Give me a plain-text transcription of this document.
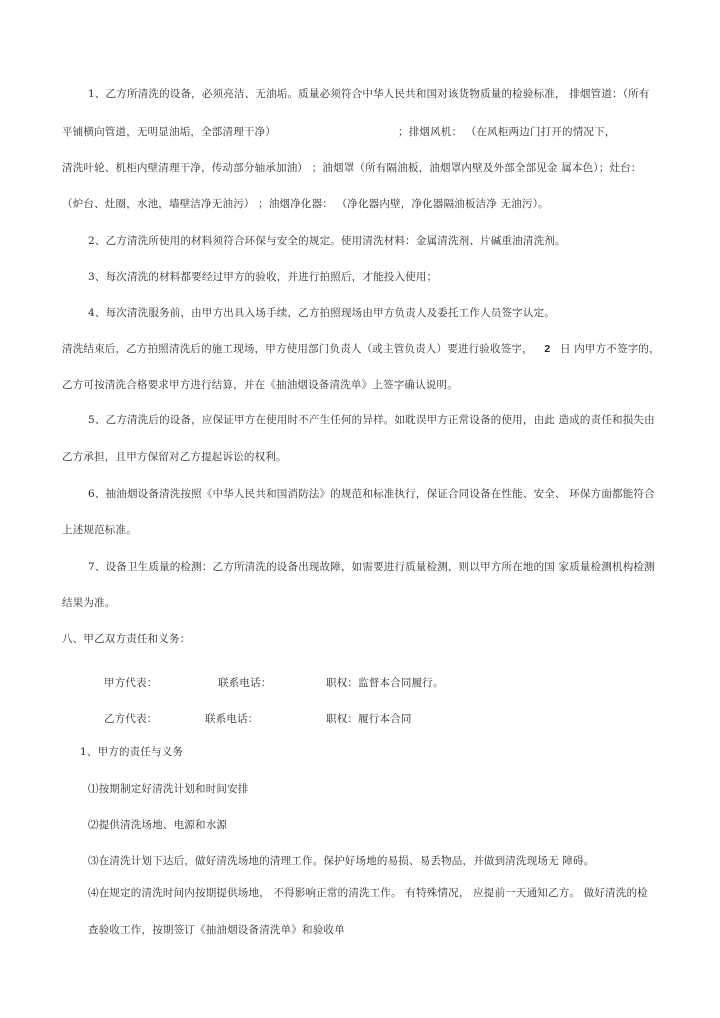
1、乙方所清洗的设备，必须亮洁、无油垢。质量必须符合中华人民共和国对该货物质量的检验标准， 排烟管道：（所有
平铺横向管道，无明显油垢，全部清理干净）	；排烟风机： （在风柜两边门打开的情况下，
清洗叶轮、机柜内壁清理干净，传动部分轴承加油） ；油烟罩（所有隔油板，油烟罩内壁及外部全部见金 属本色）；灶台：
（炉台、灶圈，水池，墙壁洁净无油污） ；油烟净化器： （净化器内壁，净化器隔油板洁净 无油污）。
2、乙方清洗所使用的材料须符合环保与安全的规定。使用清洗材料：金属清洗剂、片碱重油清洗剂。
3、每次清洗的材料都要经过甲方的验收，并进行拍照后，才能投入使用；
4、每次清洗服务前，由甲方出具入场手续，乙方拍照现场由甲方负责人及委托工作人员签字认定。
清洗结束后，乙方拍照清洗后的施工现场，甲方使用部门负责人（或主管负责人）要进行验收签字， 2 日 内甲方不签字的，
乙方可按清洗合格要求甲方进行结算，并在《抽油烟设备清洗单》上签字确认说明。
5、乙方清洗后的设备，应保证甲方在使用时不产生任何的异样。如耽误甲方正常设备的使用，由此 造成的责任和损失由
乙方承担，且甲方保留对乙方提起诉讼的权利。
6、抽油烟设备清洗按照《中华人民共和国消防法》的规范和标准执行，保证合同设备在性能、安全、 环保方面都能符合
上述规范标准。
7、设备卫生质量的检测：乙方所清洗的设备出现故障，如需要进行质量检测，则以甲方所在地的国 家质量检测机构检测
结果为准。
八、甲乙双方责任和义务：
甲方代表：	联系电话：	职权：监督本合同履行。
乙方代表：	联系电话：	职权：履行本合同
1、甲方的责任与义务
⑴按期制定好清洗计划和时间安排
⑵提供清洗场地、电源和水源
⑶在清洗计划下达后，做好清洗场地的清理工作。保护好场地的易损、易丢物品，并做到清洗现场无 障碍。
⑷在规定的清洗时间内按期提供场地， 不得影响正常的清洗工作。 有特殊情况， 应提前一天通知乙方。 做好清洗的检
查验收工作，按期签订《抽油烟设备清洗单》和验收单
